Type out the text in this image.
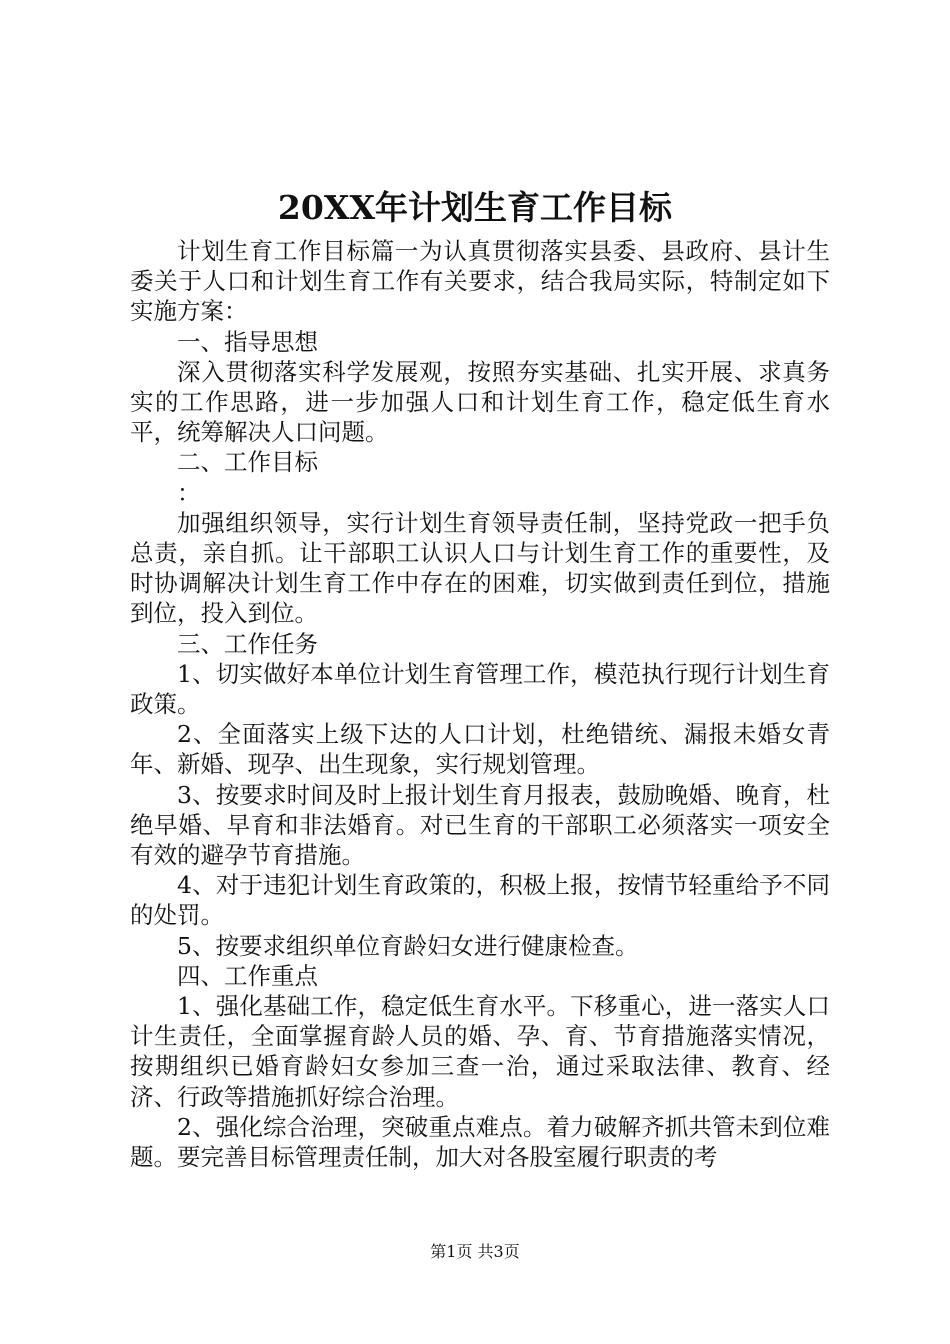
20XX年计划生育工作目标

计划生育工作目标篇一为认真贯彻落实县委、县政府、县计生委关于人口和计划生育工作有关要求，结合我局实际，特制定如下实施方案：

一、指导思想

深入贯彻落实科学发展观，按照夯实基础、扎实开展、求真务实的工作思路，进一步加强人口和计划生育工作，稳定低生育水平，统筹解决人口问题。

二、工作目标

：

加强组织领导，实行计划生育领导责任制，坚持党政一把手负总责，亲自抓。让干部职工认识人口与计划生育工作的重要性，及时协调解决计划生育工作中存在的困难，切实做到责任到位，措施到位，投入到位。

三、工作任务

1、切实做好本单位计划生育管理工作，模范执行现行计划生育政策。

2、全面落实上级下达的人口计划，杜绝错统、漏报未婚女青年、新婚、现孕、出生现象，实行规划管理。

3、按要求时间及时上报计划生育月报表，鼓励晚婚、晚育，杜绝早婚、早育和非法婚育。对已生育的干部职工必须落实一项安全有效的避孕节育措施。

4、对于违犯计划生育政策的，积极上报，按情节轻重给予不同的处罚。

5、按要求组织单位育龄妇女进行健康检查。

四、工作重点

1、强化基础工作，稳定低生育水平。下移重心，进一落实人口计生责任，全面掌握育龄人员的婚、孕、育、节育措施落实情况，按期组织已婚育龄妇女参加三查一治，通过采取法律、教育、经济、行政等措施抓好综合治理。

2、强化综合治理，突破重点难点。着力破解齐抓共管未到位难题。要完善目标管理责任制，加大对各股室履行职责的考

第1页 共3页
